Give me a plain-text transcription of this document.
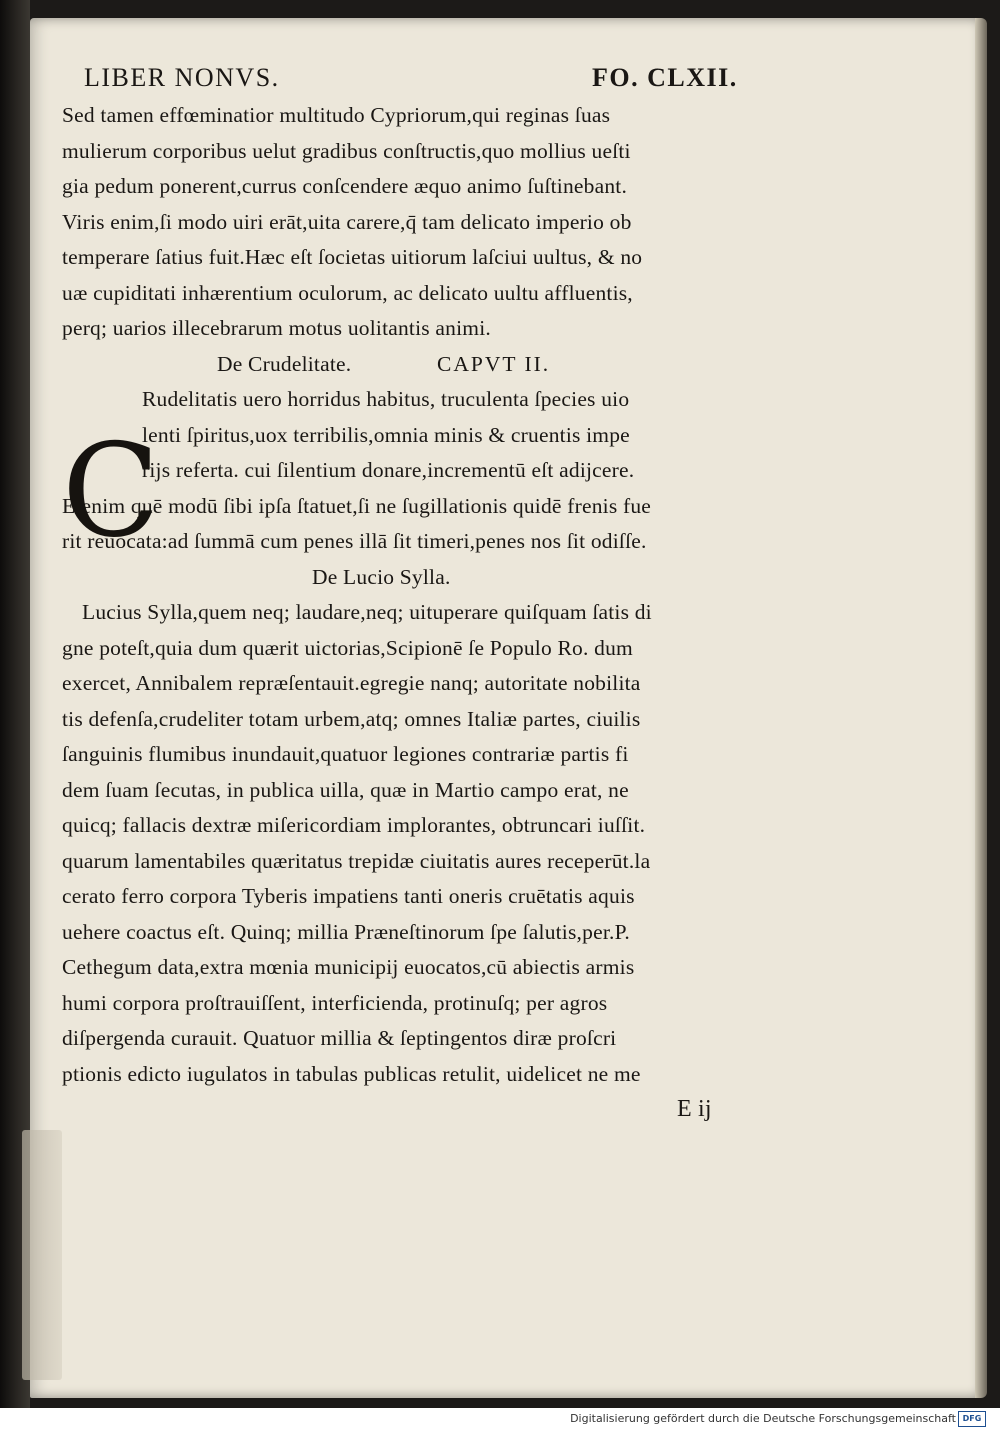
LIBER NONVS.	FO. CLXII.
Sed tamen effœminatior multitudo Cypriorum,qui reginas ſuas
mulierum corporibus uelut gradibus conſtructis,quo mollius ueſti
gia pedum ponerent,currus conſcendere æquo animo ſuſtinebant.
Viris enim,ſi modo uiri erāt,uita carere,q̄ tam delicato imperio ob
temperare ſatius fuit.Hæc eſt ſocietas uitiorum laſciui uultus, & no
uæ cupiditati inhærentium oculorum, ac delicato uultu affluentis,
perq; uarios illecebrarum motus uolitantis animi.
De Crudelitate.	CAPVT II.
C
Rudelitatis uero horridus habitus, truculenta ſpecies uio
lenti ſpiritus,uox terribilis,omnia minis & cruentis impe
rijs referta. cui ſilentium donare,incrementū eſt adijcere.
Etenim quē modū ſibi ipſa ſtatuet,ſi ne ſugillationis quidē frenis fue
rit reuocata:ad ſummā cum penes illā ſit timeri,penes nos ſit odiſſe.
De Lucio Sylla.
Lucius Sylla,quem neq; laudare,neq; uituperare quiſquam ſatis di
gne poteſt,quia dum quærit uictorias,Scipionē ſe Populo Ro. dum
exercet, Annibalem repræſentauit.egregie nanq; autoritate nobilita
tis defenſa,crudeliter totam urbem,atq; omnes Italiæ partes, ciuilis
ſanguinis flumibus inundauit,quatuor legiones contrariæ partis fi
dem ſuam ſecutas, in publica uilla, quæ in Martio campo erat, ne
quicq; fallacis dextræ miſericordiam implorantes, obtruncari iuſſit.
quarum lamentabiles quæritatus trepidæ ciuitatis aures receperūt.la
cerato ferro corpora Tyberis impatiens tanti oneris cruētatis aquis
uehere coactus eſt. Quinq; millia Præneſtinorum ſpe ſalutis,per.P.
Cethegum data,extra mœnia municipij euocatos,cū abiectis armis
humi corpora proſtrauiſſent, interficienda, protinuſq; per agros
diſpergenda curauit. Quatuor millia & ſeptingentos diræ proſcri
ptionis edicto iugulatos in tabulas publicas retulit, uidelicet ne me
E ij
Digitalisierung gefördert durch die Deutsche Forschungsgemeinschaft DFG
